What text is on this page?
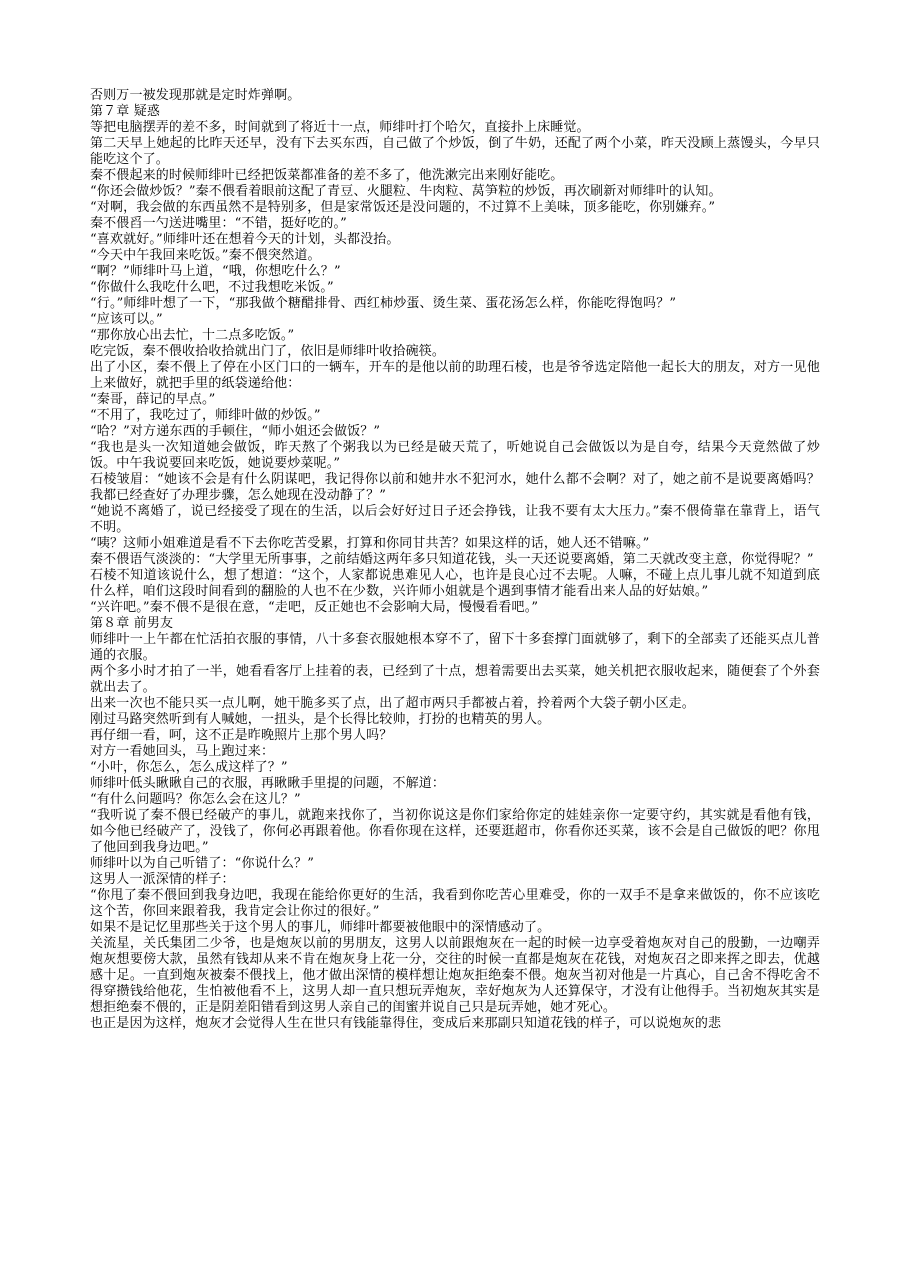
否则万一被发现那就是定时炸弹啊。

第７章 疑惑

等把电脑摆弄的差不多，时间就到了将近十一点，师绯叶打个哈欠，直接扑上床睡觉。

第二天早上她起的比昨天还早，没有下去买东西，自己做了个炒饭，倒了牛奶，还配了两个小菜，昨天没顾上蒸馒头，今早只能吃这个了。

秦不偎起来的时候师绯叶已经把饭菜都准备的差不多了，他洗漱完出来刚好能吃。

“你还会做炒饭？”秦不偎看着眼前这配了青豆、火腿粒、牛肉粒、莴笋粒的炒饭，再次刷新对师绯叶的认知。

“对啊，我会做的东西虽然不是特别多，但是家常饭还是没问题的，不过算不上美味，顶多能吃，你别嫌弃。”

秦不偎舀一勺送进嘴里：“不错，挺好吃的。”

“喜欢就好。”师绯叶还在想着今天的计划，头都没抬。

“今天中午我回来吃饭。”秦不偎突然道。

“啊？”师绯叶马上道，“哦，你想吃什么？”

“你做什么我吃什么吧，不过我想吃米饭。”

“行。”师绯叶想了一下，“那我做个糖醋排骨、西红柿炒蛋、烫生菜、蛋花汤怎么样，你能吃得饱吗？”

“应该可以。”

“那你放心出去忙，十二点多吃饭。”

吃完饭，秦不偎收拾收拾就出门了，依旧是师绯叶收拾碗筷。

出了小区，秦不偎上了停在小区门口的一辆车，开车的是他以前的助理石棱，也是爷爷选定陪他一起长大的朋友，对方一见他上来做好，就把手里的纸袋递给他：

“秦哥，薛记的早点。”

“不用了，我吃过了，师绯叶做的炒饭。”

“哈？”对方递东西的手顿住，“师小姐还会做饭？”

“我也是头一次知道她会做饭，昨天熬了个粥我以为已经是破天荒了，听她说自己会做饭以为是自夸，结果今天竟然做了炒饭。中午我说要回来吃饭，她说要炒菜呢。”

石棱皱眉：“她该不会是有什么阴谋吧，我记得你以前和她井水不犯河水，她什么都不会啊？对了，她之前不是说要离婚吗？我都已经查好了办理步骤，怎么她现在没动静了？”

“她说不离婚了，说已经接受了现在的生活，以后会好好过日子还会挣钱，让我不要有太大压力。”秦不偎倚靠在靠背上，语气不明。

“咦？这师小姐难道是看不下去你吃苦受累，打算和你同甘共苦？如果这样的话，她人还不错嘛。”

秦不偎语气淡淡的：“大学里无所事事，之前结婚这两年多只知道花钱，头一天还说要离婚，第二天就改变主意，你觉得呢？”

石棱不知道该说什么，想了想道：“这个，人家都说患难见人心，也许是良心过不去呢。人嘛，不碰上点儿事儿就不知道到底什么样，咱们这段时间看到的翻脸的人也不在少数，兴许师小姐就是个遇到事情才能看出来人品的好姑娘。”

“兴许吧。”秦不偎不是很在意，“走吧，反正她也不会影响大局，慢慢看看吧。”

第８章 前男友

师绯叶一上午都在忙活拍衣服的事情，八十多套衣服她根本穿不了，留下十多套撑门面就够了，剩下的全部卖了还能买点儿普通的衣服。

两个多小时才拍了一半，她看看客厅上挂着的表，已经到了十点，想着需要出去买菜，她关机把衣服收起来，随便套了个外套就出去了。

出来一次也不能只买一点儿啊，她干脆多买了点，出了超市两只手都被占着，拎着两个大袋子朝小区走。

刚过马路突然听到有人喊她，一扭头，是个长得比较帅，打扮的也精英的男人。

再仔细一看，呵，这不正是昨晚照片上那个男人吗？

对方一看她回头，马上跑过来：

“小叶，你怎么，怎么成这样了？”

师绯叶低头瞅瞅自己的衣服，再瞅瞅手里提的问题，不解道：

“有什么问题吗？你怎么会在这儿？”

“我听说了秦不偎已经破产的事儿，就跑来找你了，当初你说这是你们家给你定的娃娃亲你一定要守约，其实就是看他有钱，如今他已经破产了，没钱了，你何必再跟着他。你看你现在这样，还要逛超市，你看你还买菜，该不会是自己做饭的吧？你甩了他回到我身边吧。”

师绯叶以为自己听错了：“你说什么？”

这男人一派深情的样子：

“你甩了秦不偎回到我身边吧，我现在能给你更好的生活，我看到你吃苦心里难受，你的一双手不是拿来做饭的，你不应该吃这个苦，你回来跟着我，我肯定会让你过的很好。”

如果不是记忆里那些关于这个男人的事儿，师绯叶都要被他眼中的深情感动了。

关流星，关氏集团二少爷，也是炮灰以前的男朋友，这男人以前跟炮灰在一起的时候一边享受着炮灰对自己的殷勤，一边嘲弄炮灰想要傍大款，虽然有钱却从来不肯在炮灰身上花一分，交往的时候一直都是炮灰在花钱，对炮灰召之即来挥之即去，优越感十足。一直到炮灰被秦不偎找上，他才做出深情的模样想让炮灰拒绝秦不偎。炮灰当初对他是一片真心，自己舍不得吃舍不得穿攒钱给他花，生怕被他看不上，这男人却一直只想玩弄炮灰，幸好炮灰为人还算保守，才没有让他得手。当初炮灰其实是想拒绝秦不偎的，正是阴差阳错看到这男人亲自己的闺蜜并说自己只是玩弄她，她才死心。

也正是因为这样，炮灰才会觉得人生在世只有钱能靠得住，变成后来那副只知道花钱的样子，可以说炮灰的悲
